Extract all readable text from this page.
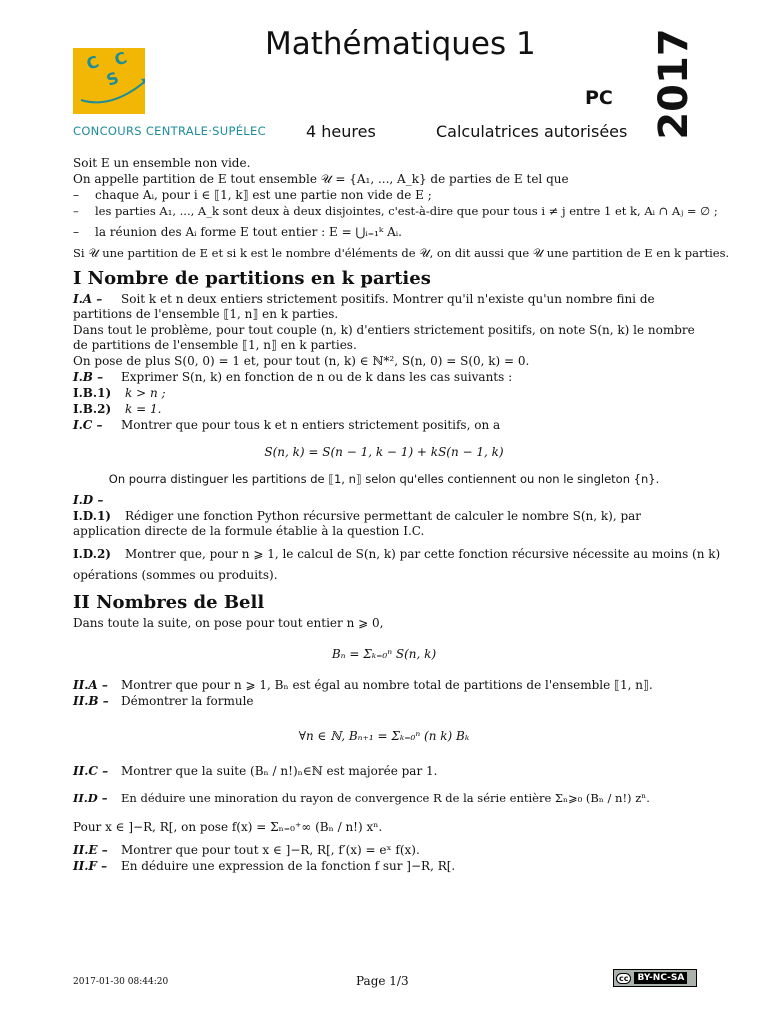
C C
S
CONCOURS CENTRALE·SUPÉLEC
Mathématiques 1	2017
PC
4 heures	Calculatrices autorisées

Soit E un ensemble non vide.

On appelle partition de E tout ensemble 𝒰 = {A₁, ..., A_k} de parties de E tel que

– chaque Aᵢ, pour i ∈ ⟦1, k⟧ est une partie non vide de E ;

– les parties A₁, ..., A_k sont deux à deux disjointes, c'est-à-dire que pour tous i ≠ j entre 1 et k, Aᵢ ∩ Aⱼ = ∅ ;

– la réunion des Aᵢ forme E tout entier : E = ⋃ᵢ₌₁ᵏ Aᵢ.

Si 𝒰 une partition de E et si k est le nombre d'éléments de 𝒰, on dit aussi que 𝒰 une partition de E en k parties.

I Nombre de partitions en k parties

I.A – Soit k et n deux entiers strictement positifs. Montrer qu'il n'existe qu'un nombre fini de partitions de l'ensemble ⟦1, n⟧ en k parties.

Dans tout le problème, pour tout couple (n, k) d'entiers strictement positifs, on note S(n, k) le nombre de partitions de l'ensemble ⟦1, n⟧ en k parties.

On pose de plus S(0, 0) = 1 et, pour tout (n, k) ∈ ℕ*², S(n, 0) = S(0, k) = 0.

I.B – Exprimer S(n, k) en fonction de n ou de k dans les cas suivants :

I.B.1) k > n ;

I.B.2) k = 1.

I.C – Montrer que pour tous k et n entiers strictement positifs, on a

S(n, k) = S(n − 1, k − 1) + kS(n − 1, k)
On pourra distinguer les partitions de ⟦1, n⟧ selon qu'elles contiennent ou non le singleton {n}.

I.D –

I.D.1) Rédiger une fonction Python récursive permettant de calculer le nombre S(n, k), par application directe de la formule établie à la question I.C.

I.D.2) Montrer que, pour n ⩾ 1, le calcul de S(n, k) par cette fonction récursive nécessite au moins (n k)

opérations (sommes ou produits).

II Nombres de Bell

Dans toute la suite, on pose pour tout entier n ⩾ 0,

Bₙ = Σₖ₌₀ⁿ S(n, k)

II.A – Montrer que pour n ⩾ 1, Bₙ est égal au nombre total de partitions de l'ensemble ⟦1, n⟧.

II.B – Démontrer la formule

∀n ∈ ℕ, Bₙ₊₁ = Σₖ₌₀ⁿ (n k) Bₖ

II.C – Montrer que la suite (Bₙ / n!)ₙ∈ℕ est majorée par 1.

II.D – En déduire une minoration du rayon de convergence R de la série entière Σₙ⩾₀ (Bₙ / n!) zⁿ.

Pour x ∈ ]−R, R[, on pose f(x) = Σₙ₌₀⁺∞ (Bₙ / n!) xⁿ.

II.E – Montrer que pour tout x ∈ ]−R, R[, f′(x) = eˣ f(x).

II.F – En déduire une expression de la fonction f sur ]−R, R[.

2017-01-30 08:44:20	Page 1/3	cc	BY-NC-SA
